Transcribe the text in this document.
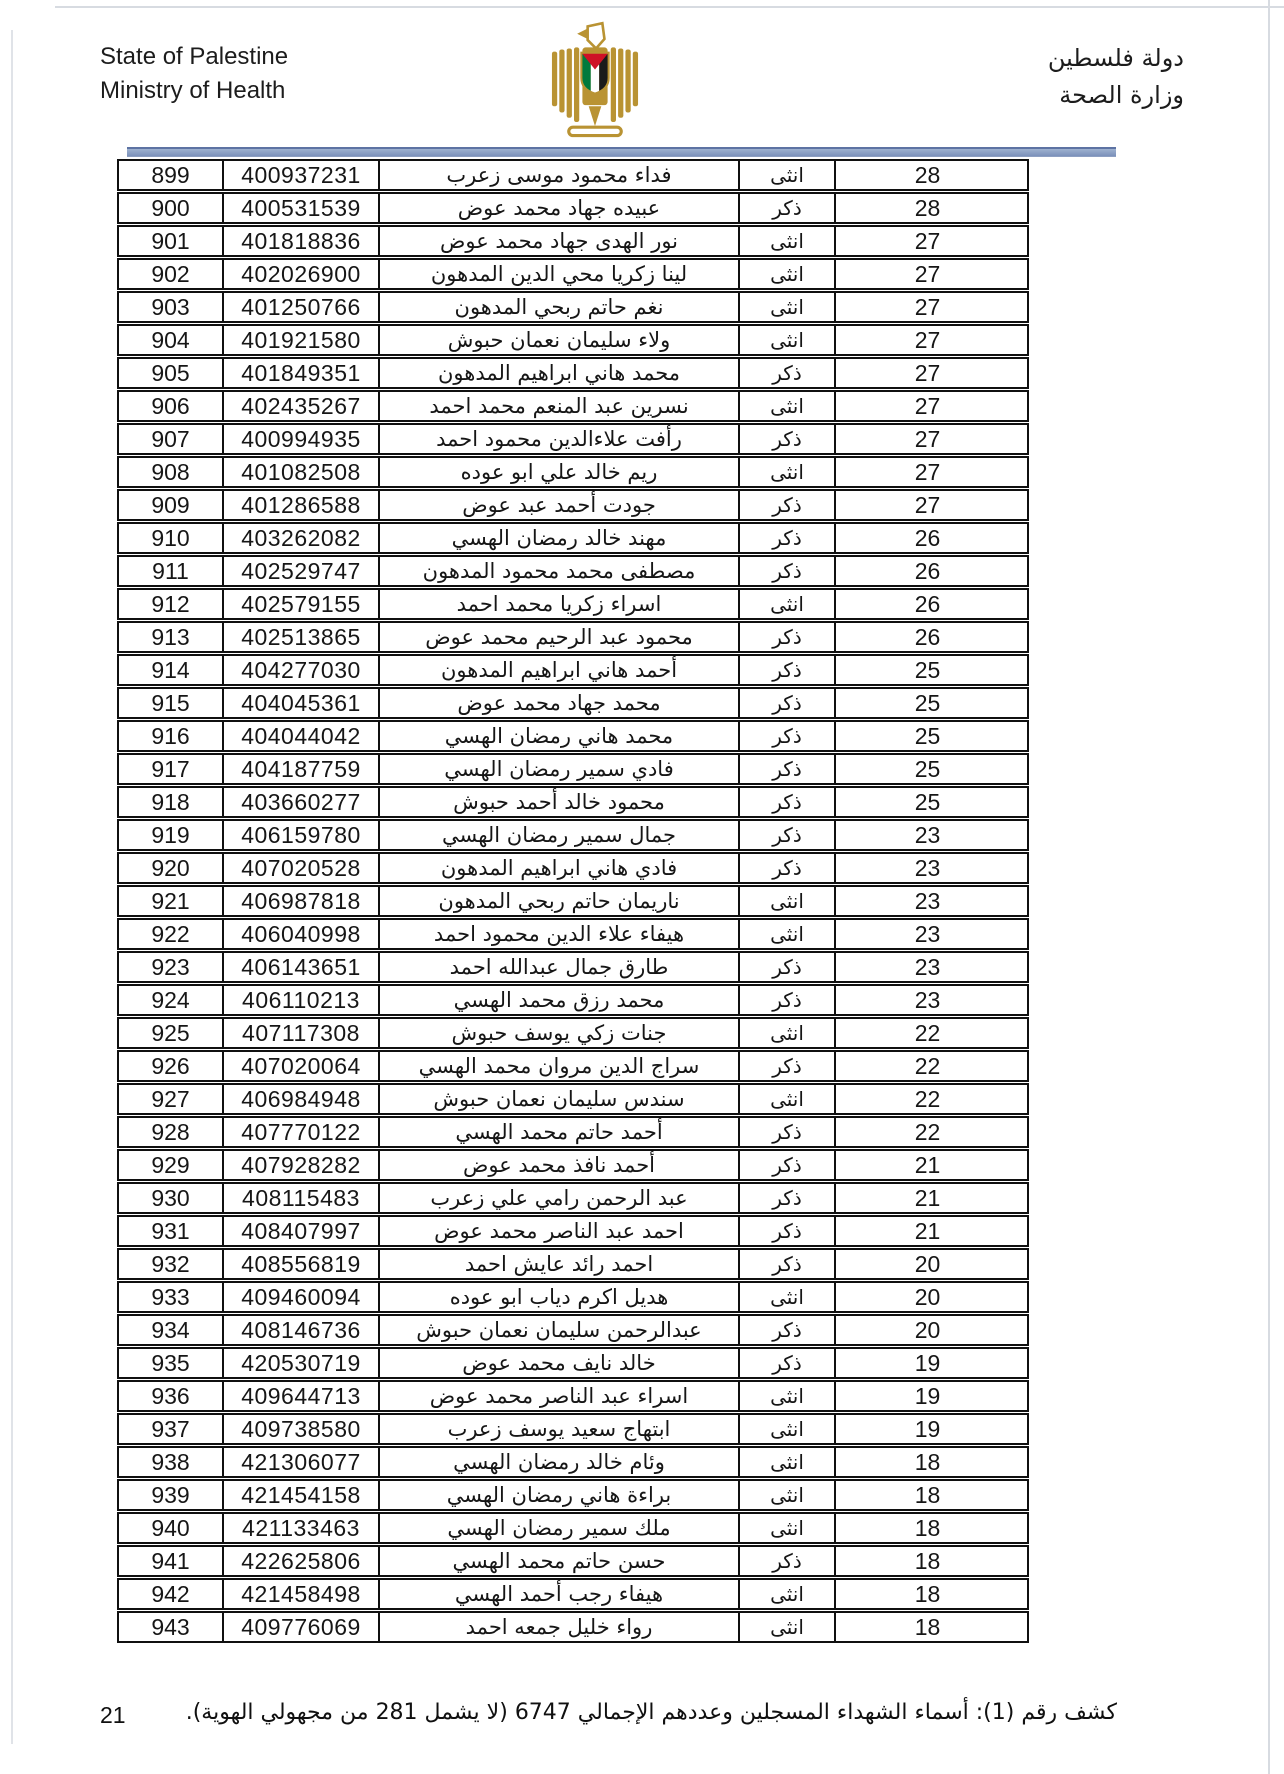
State of Palestine
Ministry of Health
دولة فلسطين
وزارة الصحة
899	400937231	فداء محمود موسى زعرب	انثى	28
900	400531539	عبيده جهاد محمد عوض	ذكر	28
901	401818836	نور الهدى جهاد محمد عوض	انثى	27
902	402026900	لينا زكريا محي الدين المدهون	انثى	27
903	401250766	نغم حاتم ربحي المدهون	انثى	27
904	401921580	ولاء سليمان نعمان حبوش	انثى	27
905	401849351	محمد هاني ابراهيم المدهون	ذكر	27
906	402435267	نسرين عبد المنعم محمد احمد	انثى	27
907	400994935	رأفت علاءالدين محمود احمد	ذكر	27
908	401082508	ريم خالد علي ابو عوده	انثى	27
909	401286588	جودت أحمد عبد عوض	ذكر	27
910	403262082	مهند خالد رمضان الهسي	ذكر	26
911	402529747	مصطفى محمد محمود المدهون	ذكر	26
912	402579155	اسراء زكريا محمد احمد	انثى	26
913	402513865	محمود عبد الرحيم محمد عوض	ذكر	26
914	404277030	أحمد هاني ابراهيم المدهون	ذكر	25
915	404045361	محمد جهاد محمد عوض	ذكر	25
916	404044042	محمد هاني رمضان الهسي	ذكر	25
917	404187759	فادي سمير رمضان الهسي	ذكر	25
918	403660277	محمود خالد أحمد حبوش	ذكر	25
919	406159780	جمال سمير رمضان الهسي	ذكر	23
920	407020528	فادي هاني ابراهيم المدهون	ذكر	23
921	406987818	ناريمان حاتم ربحي المدهون	انثى	23
922	406040998	هيفاء علاء الدين محمود احمد	انثى	23
923	406143651	طارق جمال عبدالله احمد	ذكر	23
924	406110213	محمد رزق محمد الهسي	ذكر	23
925	407117308	جنات زكي يوسف حبوش	انثى	22
926	407020064	سراج الدين مروان محمد الهسي	ذكر	22
927	406984948	سندس سليمان نعمان حبوش	انثى	22
928	407770122	أحمد حاتم محمد الهسي	ذكر	22
929	407928282	أحمد نافذ محمد عوض	ذكر	21
930	408115483	عبد الرحمن رامي علي زعرب	ذكر	21
931	408407997	احمد عبد الناصر محمد عوض	ذكر	21
932	408556819	احمد رائد عايش احمد	ذكر	20
933	409460094	هديل اكرم دياب ابو عوده	انثى	20
934	408146736	عبدالرحمن سليمان نعمان حبوش	ذكر	20
935	420530719	خالد نايف محمد عوض	ذكر	19
936	409644713	اسراء عبد الناصر محمد عوض	انثى	19
937	409738580	ابتهاج سعيد يوسف زعرب	انثى	19
938	421306077	وئام خالد رمضان الهسي	انثى	18
939	421454158	براءة هاني رمضان الهسي	انثى	18
940	421133463	ملك سمير رمضان الهسي	انثى	18
941	422625806	حسن حاتم محمد الهسي	ذكر	18
942	421458498	هيفاء رجب أحمد الهسي	انثى	18
943	409776069	رواء خليل جمعه احمد	انثى	18
كشف رقم (1): أسماء الشهداء المسجلين وعددهم الإجمالي 6747 (لا يشمل 281 من مجهولي الهوية).
21
